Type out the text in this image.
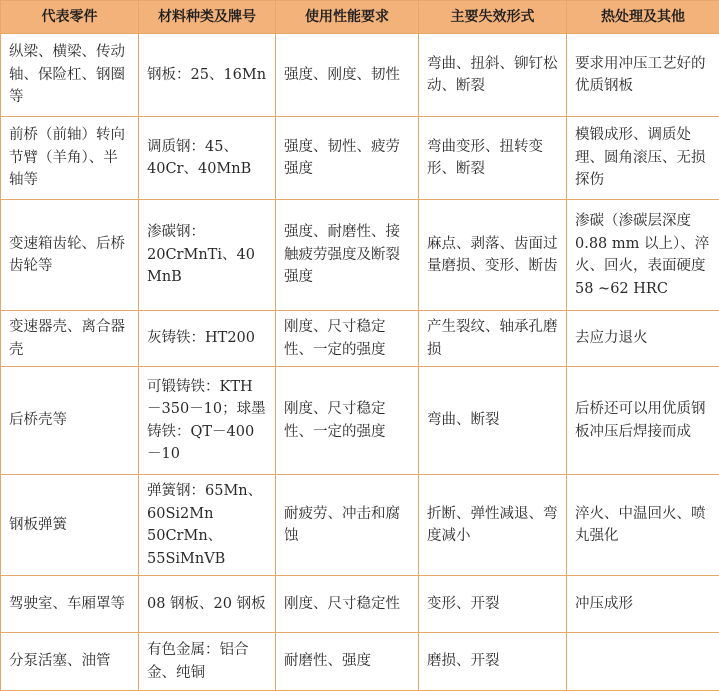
代表零件	材料种类及牌号	使用性能要求	主要失效形式	热处理及其他
纵梁、横梁、传动轴、保险杠、钢圈等	钢板：25、16Mn	强度、刚度、韧性	弯曲、扭斜、铆钉松动、断裂	要求用冲压工艺好的优质钢板
前桥（前轴）转向节臂（羊角）、半轴等	调质钢：45、40Cr、40MnB	强度、韧性、疲劳强度	弯曲变形、扭转变形、断裂	模锻成形、调质处理、圆角滚压、无损探伤
变速箱齿轮、后桥齿轮等	渗碳钢：20CrMnTi、40 MnB	强度、耐磨性、接触疲劳强度及断裂强度	麻点、剥落、齿面过量磨损、变形、断齿	渗碳（渗碳层深度 0.88 mm 以上）、淬火、回火，表面硬度 58 ~62 HRC
变速器壳、离合器壳	灰铸铁：HT200	刚度、尺寸稳定性、一定的强度	产生裂纹、轴承孔磨损	去应力退火
后桥壳等	可锻铸铁：KTH－350－10；球墨铸铁：QT－400－10	刚度、尺寸稳定性、一定的强度	弯曲、断裂	后桥还可以用优质钢板冲压后焊接而成
钢板弹簧	弹簧钢：65Mn、60Si2Mn 50CrMn、55SiMnVB	耐疲劳、冲击和腐蚀	折断、弹性减退、弯度减小	淬火、中温回火、喷丸强化
驾驶室、车厢罩等	08 钢板、20 钢板	刚度、尺寸稳定性	变形、开裂	冲压成形
分泵活塞、油管	有色金属：铝合金、纯铜	耐磨性、强度	磨损、开裂	
